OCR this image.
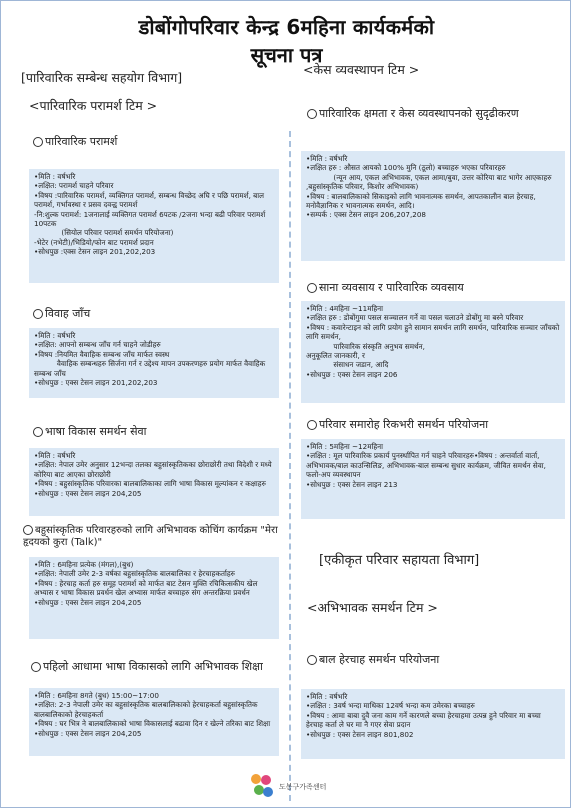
डोबोंगोपरिवार केन्द्र 6महिना कार्यकर्मको
सूचना पत्र
[पारिवारिक सम्बेन्ध सहयोग विभाग]
<पारिवारिक परामर्श टिम >
पारिवारिक परामर्श
•मिति : वर्षभरि
•लक्षित: परामर्श चाहने परिवार
•विषय :पारिवारिक परामर्श, व्यक्तिगत परामर्श, सम्बन्ध विच्छेद अघि र पछि परामर्श, बाल परामर्श, गर्भावस्था र प्रसव दवन्द्व परामर्श
-नि:शुल्क परामर्श: 1जनालाई व्यक्तिगत परामर्श 6पटक /2जना भन्दा बढी परिवार परामर्श 10पटक
(सियोल परिवार परामर्श समर्थन परियोजना)
-भेटेर (नभेटी)/भिडियो/फोन बाट परामर्श प्रदान
•सोधपुछ :एक्स टेसन लाइन 201,202,203
विवाह जाँच
•मिति : वर्षभरि
•लक्षित: आफ्नो सम्बन्ध जाँच गर्न चाहने जोडीहरु
•विषय :नियमित वैवाहिक सम्बन्ध जाँच मार्फत स्वस्थ
वैवाहिक सम्बन्धहरु सिर्जना गर्न र उद्देश्य मापन उपकरणहरु प्रयोग मार्फत वैवाहिक सम्बन्ध जाँच
•सोधपुछ : एक्स टेसन लाइन 201,202,203
भाषा विकास समर्थन सेवा
•मिति : वर्षभरि
•लक्षित: नेपाल उमेर अनुसार 12भन्दा तलका बहुसांस्कृतिकका छोराछोरी तथा विदेशी र मध्ये कोरिया बाट आएका छोराछोरी
•विषय : बहुसांस्कृतिक परिवारका बालबालिकाका लागि भाषा विकास मूल्यांकन र कक्षाहरु
•सोधपुछ : एक्स टेसन लाइन 204,205
बहुसांस्कृतिक परिवारहरुको लागि अभिभावक कोचिंग कार्यक्रम "मेरा हृदयको कुरा (Talk)"
•मिति : 6महिना प्रत्येक (मंगल),(बुध)
•लक्षित: नेपाली उमेर 2-3 वर्षका बहुसांस्कृतिक बालबालिका र हेरचाहकर्ताहरु
•विषय : हेरचाह कर्ता हरु समूह परामर्श को मार्फत बाट टेसन मुक्ति रचिकित्सकीय खेल अभ्यास र भाषा विकास प्रवर्धन खेल अभ्यास मार्फत बच्चाहरु संग अन्तरक्रिया प्रवर्धन
•सोधपुछ : एक्स टेसन लाइन 204,205
पहिलो आधामा भाषा विकासको लागि अभिभावक शिक्षा
•मिति : 6महिना 8गते (बुध) 15:00~17:00
•लक्षित: 2-3 नेपाली उमेर का बहुसांस्कृतिक बालबालिकाको हेरचाहकर्ता बहुसांस्कृतिक बालबालिकाको हेरचाहकर्ता
•विषय : घर भित्र ने बालबालिकाको भाषा विकासलाई बढावा दिन र खेल्ने तरिका बाट शिक्षा
•सोधपुछ : एक्स टेसन लाइन 204,205
<केस व्यवस्थापन टिम >
पारिवारिक क्षमता र केस व्यवस्थापनको सुदृढीकरण
•मिति : वर्षभरि
•लक्षित हरु : औसत आयको 100% मुनि (ठूलो) बच्चाहरु भएका परिवारहरु
(न्यून आय, एकल अभिभावक, एकल आमा/बुवा, उत्तर कोरिया बाट भागेर आएकाहरु ,बहुसांस्कृतिक परिवार, किशोर अभिभावक)
•विषय : बालबालिकाको सिकाइको लागि भावनात्मक समर्थन, आपतकालीन बाल हेरचाह, मनोवैज्ञानिक र भावनात्मक समर्थन, आदि।
•सम्पर्क : एक्स टेसन लाइन 206,207,208
साना व्यवसाय र पारिवारिक व्यवसाय
•मिति : 4महिना ~11महिना
•लक्षित हरु : डोबोंगुमा पसल सञ्चालन गर्ने वा पसल चलाउने डोबोंगु मा बस्ने परिवार
•विषय : कवारेन्टाइन को लागि प्रयोग हुने सामान समर्थन लागि समर्थन, पारिवारिक सञ्चार जाँचको लागि समर्थन,
पारिवारिक संस्कृति अनुभव समर्थन,
अनुकूलित जानकारी, र
संसाधन जडान, आदि
•सोधपुछ : एक्स टेसन लाइन 206
परिवार समारोह रिकभरी समर्थन परियोजना
•मिति : 5महिना ~12महिना
•लक्षित : मूल पारिवारिक प्रकार्य पुनर्स्थापित गर्न चाहने परिवारहरु•विषय : अन्तर्वार्ता वार्ता, अभिभावक/बाल काउन्सिलिङ, अभिभावक-बाल सम्बन्ध सुधार कार्यक्रम, जीवित समर्थन सेवा, फलो-अप व्यवस्थापन
•सोधपुछ : एक्स टेसन लाइन 213
[एकीकृत परिवार सहायता विभाग]
<अभिभावक समर्थन टिम >
बाल हेरचाह समर्थन परियोजना
•मिति : वर्षभरि
•लक्षित : 3वर्ष भन्दा माथिका 12वर्ष भन्दा कम उमेरका बच्चाहरु
•विषय : आमा बाबा दुवै जना काम गर्ने कारणले बच्चा हेरचाहमा उत्पन्न हुने परिवार मा बच्चा हेरचाह कर्ता ले घर मा नै गएर सेवा प्रदान
•सोधपुछ : एक्स टेसन लाइन 801,802
도봉구가족센터
